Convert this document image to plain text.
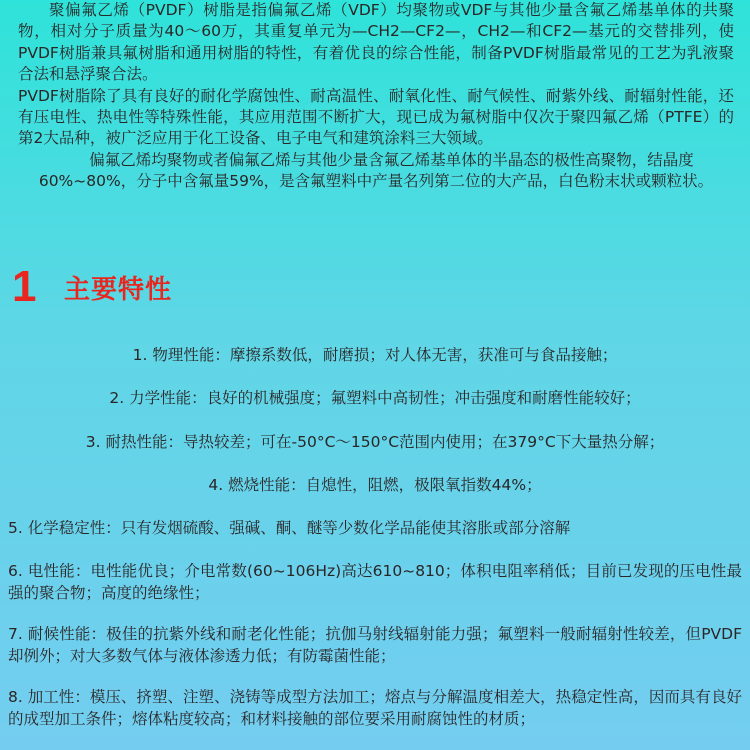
聚偏氟乙烯（PVDF）树脂是指偏氟乙烯（VDF）均聚物或VDF与其他少量含氟乙烯基单体的共聚物，相对分子质量为40～60万，其重复单元为—CH2—CF2—，CH2—和CF2—基元的交替排列，使PVDF树脂兼具氟树脂和通用树脂的特性，有着优良的综合性能，制备PVDF树脂最常见的工艺为乳液聚合法和悬浮聚合法。

PVDF树脂除了具有良好的耐化学腐蚀性、耐高温性、耐氧化性、耐气候性、耐紫外线、耐辐射性能，还有压电性、热电性等特殊性能，其应用范围不断扩大，现已成为氟树脂中仅次于聚四氟乙烯（PTFE）的第2大品种，被广泛应用于化工设备、电子电气和建筑涂料三大领域。

偏氟乙烯均聚物或者偏氟乙烯与其他少量含氟乙烯基单体的半晶态的极性高聚物，结晶度60%~80%，分子中含氟量59%，是含氟塑料中产量名列第二位的大产品，白色粉末状或颗粒状。

1	主要特性
1. 物理性能：摩擦系数低，耐磨损；对人体无害，获准可与食品接触；
2. 力学性能：良好的机械强度；氟塑料中高韧性；冲击强度和耐磨性能较好；
3. 耐热性能：导热较差；可在-50°C～150°C范围内使用；在379°C下大量热分解；
4. 燃烧性能：自熄性，阻燃，极限氧指数44%；
5. 化学稳定性：只有发烟硫酸、强碱、酮、醚等少数化学品能使其溶胀或部分溶解
6. 电性能：电性能优良；介电常数(60~106Hz)高达610~810；体积电阻率稍低；目前已发现的压电性最强的聚合物；高度的绝缘性；
7. 耐候性能：极佳的抗紫外线和耐老化性能；抗伽马射线辐射能力强；氟塑料一般耐辐射性较差，但PVDF却例外；对大多数气体与液体渗透力低；有防霉菌性能；
8. 加工性：模压、挤塑、注塑、浇铸等成型方法加工；熔点与分解温度相差大，热稳定性高，因而具有良好的成型加工条件；熔体粘度较高；和材料接触的部位要采用耐腐蚀性的材质；
